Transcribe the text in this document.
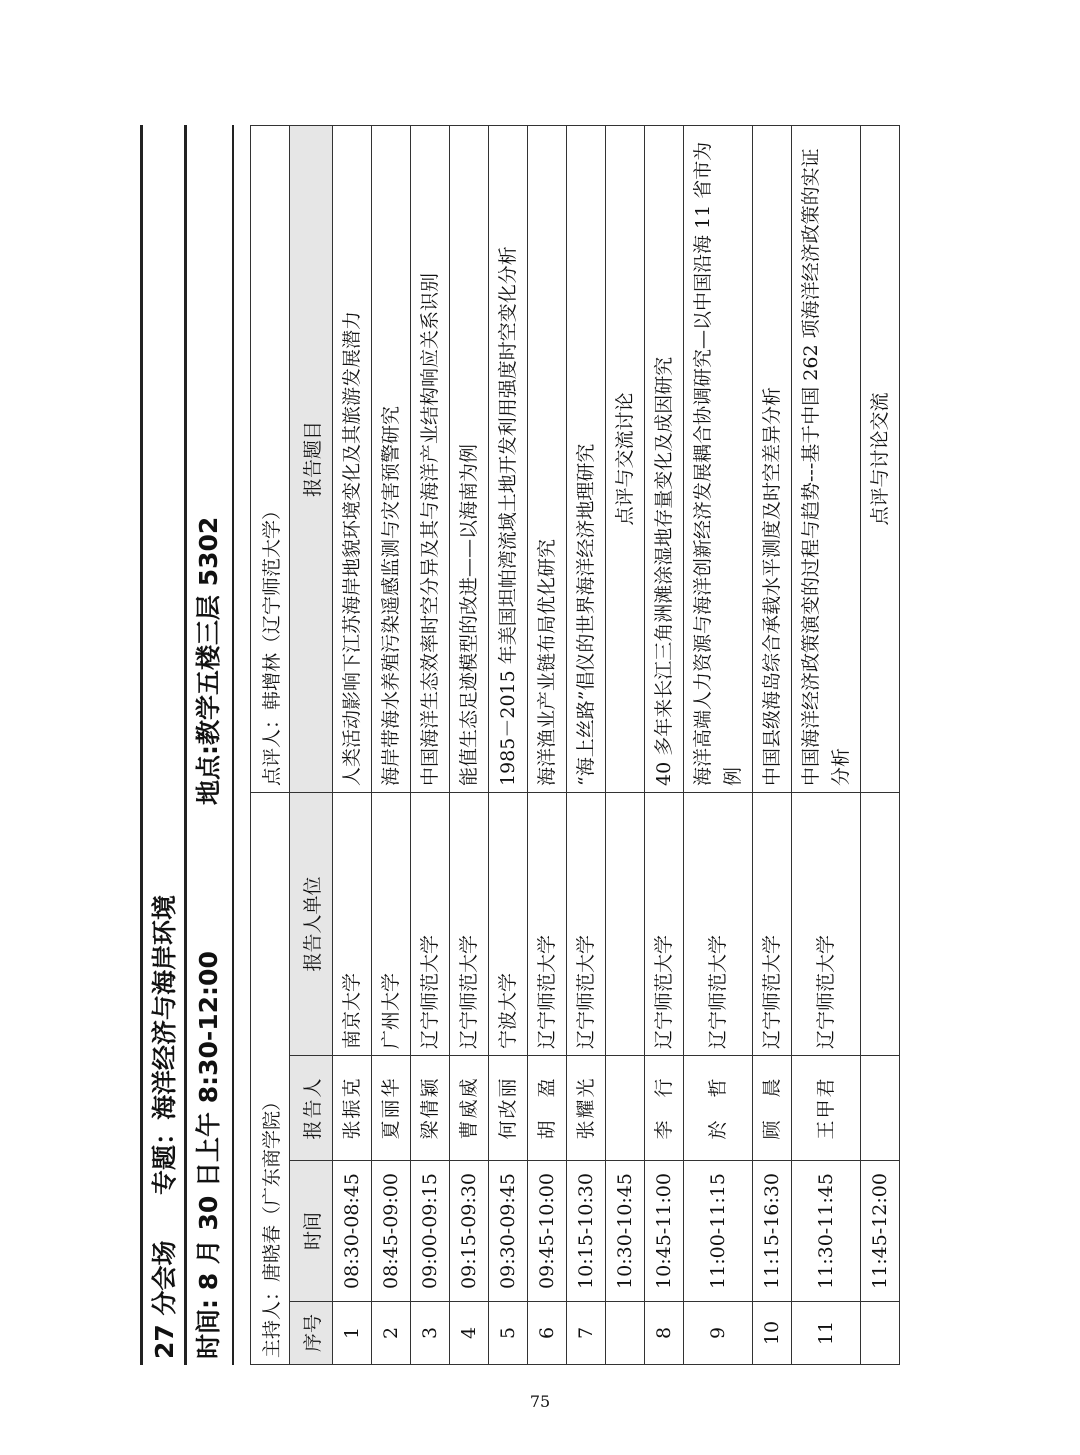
27 分会场
专题：海洋经济与海岸环境 时间: 8 月 30 日上午 8:30-12:00
地点:教学五楼三层 5302
主持人：唐晓春（广东商学院）				点评人：韩增林（辽宁师范大学）
序号	时间	报告人	报告人单位	报告题目
1	08:30-08:45	张振克	南京大学	人类活动影响下江苏海岸地貌环境变化及其旅游发展潜力
2	08:45-09:00	夏丽华	广州大学	海岸带海水养殖污染遥感监测与灾害预警研究
3	09:00-09:15	梁倩颖	辽宁师范大学	中国海洋生态效率时空分异及其与海洋产业结构响应关系识别
4	09:15-09:30	曹威威	辽宁师范大学	能值生态足迹模型的改进——以海南为例
5	09:30-09:45	何改丽	宁波大学	1985－2015 年美国坦帕湾流域土地开发利用强度时空变化分析
6	09:45-10:00	胡　盈	辽宁师范大学	海洋渔业产业链布局优化研究
7	10:15-10:30	张耀光	辽宁师范大学	“海上丝路”倡仪的世界海洋经济地理研究
	10:30-10:45			点评与交流讨论
8	10:45-11:00	李　行	辽宁师范大学	40 多年来长江三角洲滩涂湿地存量变化及成因研究
9	11:00-11:15	於　哲	辽宁师范大学	海洋高端人力资源与海洋创新经济发展耦合协调研究—以中国沿海 11 省市为例
10	11:15-16:30	顾　晨	辽宁师范大学	中国县级海岛综合承载水平测度及时空差异分析
11	11:30-11:45	王甲君	辽宁师范大学	中国海洋经济政策演变的过程与趋势---基于中国 262 项海洋经济政策的实证分析
	11:45-12:00			点评与讨论交流
75
